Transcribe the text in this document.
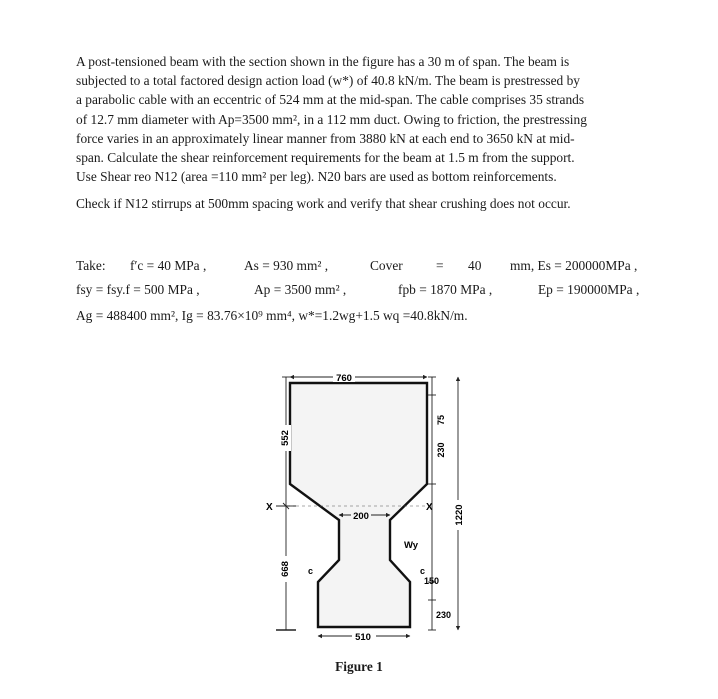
A post-tensioned beam with the section shown in the figure has a 30 m of span. The beam is

subjected to a total factored design action load (w*) of 40.8 kN/m. The beam is prestressed by

a parabolic cable with an eccentric of 524 mm at the mid-span. The cable comprises 35 strands

of 12.7 mm diameter with Ap=3500 mm², in a 112 mm duct. Owing to friction, the prestressing

force varies in an approximately linear manner from 3880 kN at each end to 3650 kN at mid-

span. Calculate the shear reinforcement requirements for the beam at 1.5 m from the support.

Use Shear reo N12 (area =110 mm² per leg). N20 bars are used as bottom reinforcements.

Check if N12 stirrups at 500mm spacing work and verify that shear crushing does not occur.

Take: f′c = 40 MPa ,	As = 930 mm² ,	Cover = 40 mm, Es = 200000MPa ,
fsy = fsy.f = 500 MPa ,	Ap = 3500 mm² ,	fpb = 1870 MPa ,	Ep = 190000MPa ,
Ag = 488400 mm², Ig = 83.76×10⁹ mm⁴, w*=1.2wg+1.5 wq =40.8kN/m.
760
200
510
552
668
X	X
Wy
c	c
230
75
150
230
1220
Figure 1
